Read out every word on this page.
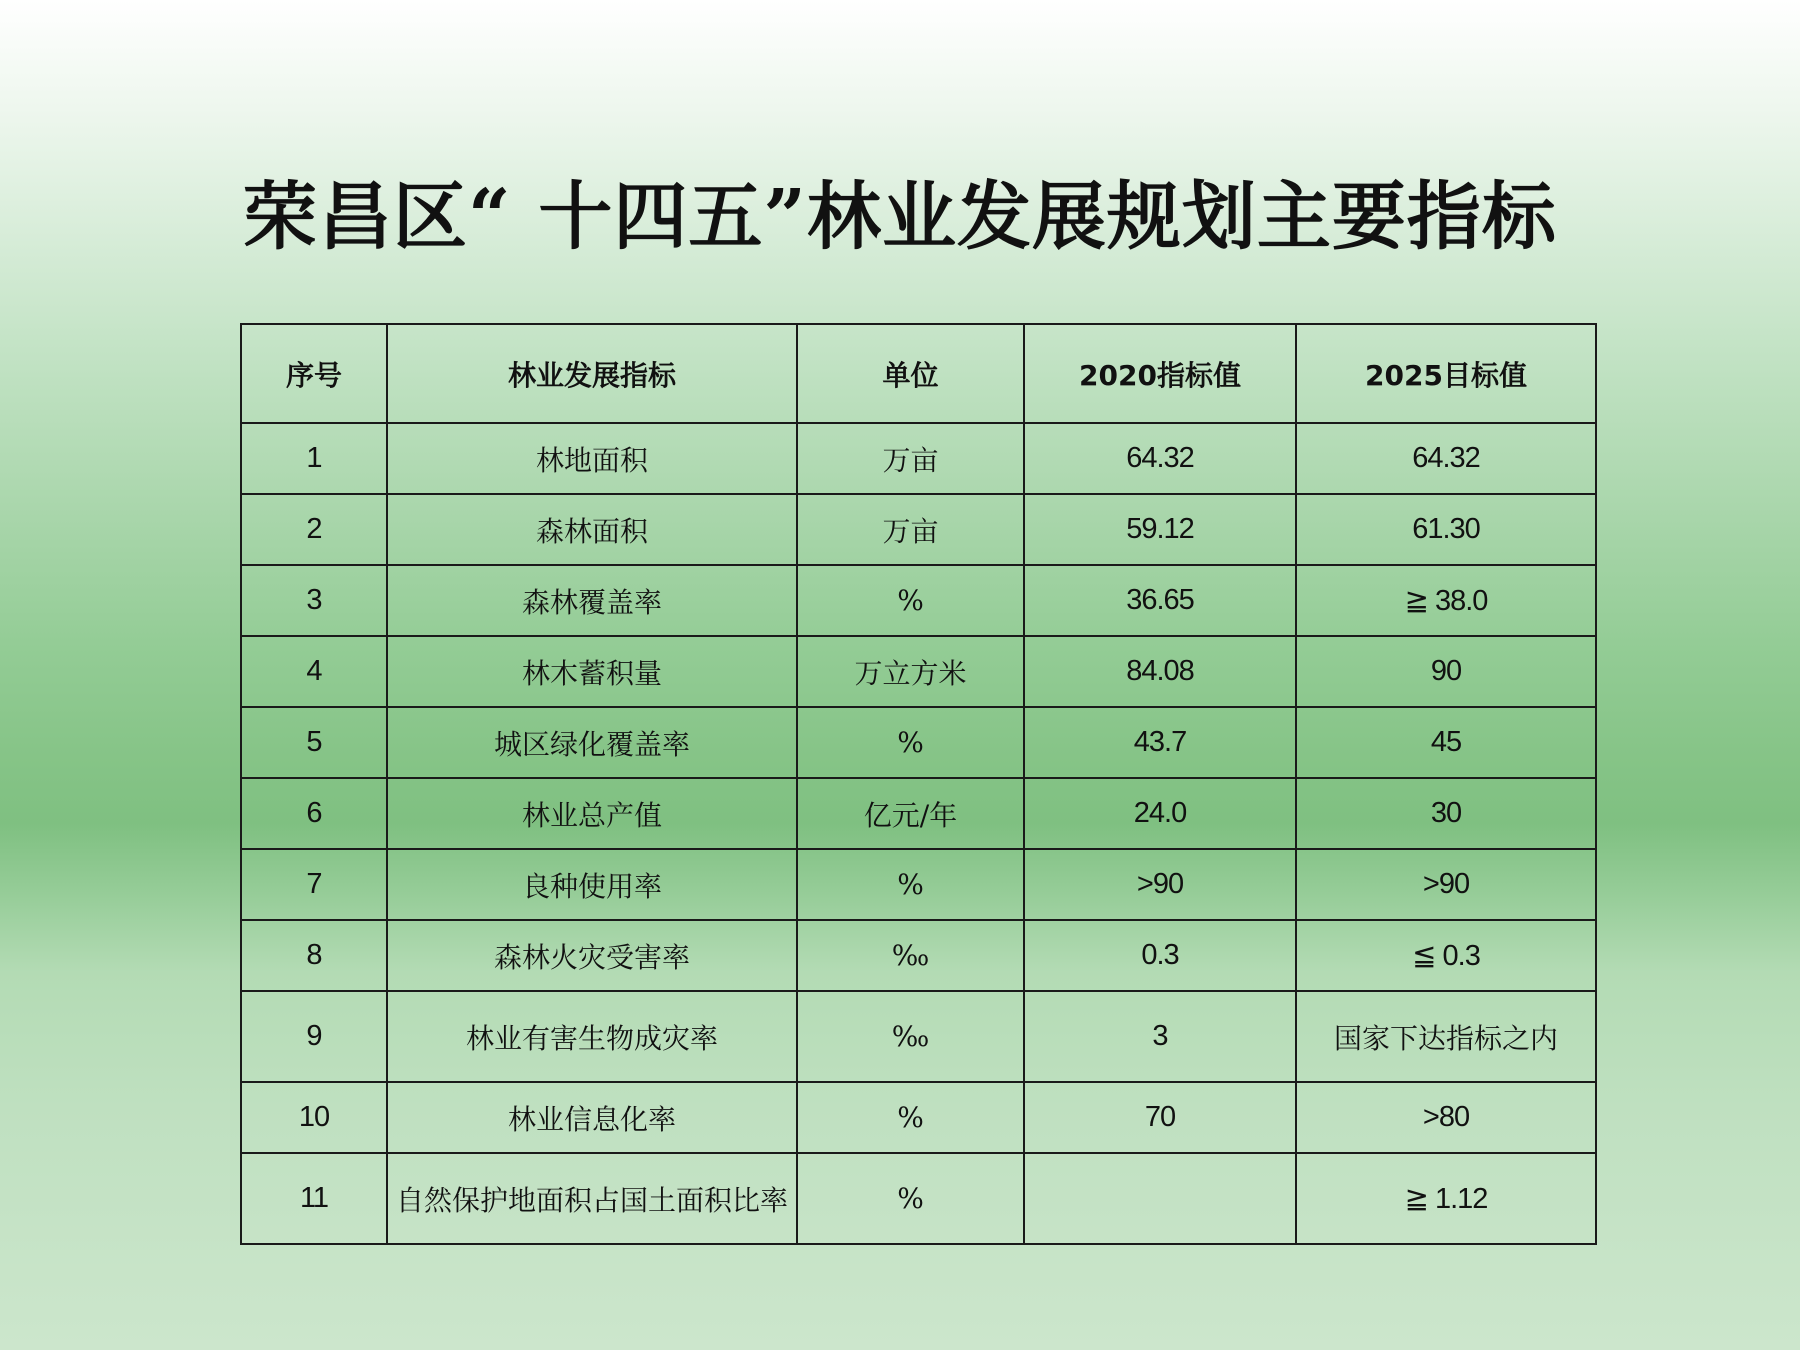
荣昌区“ 十四五”林业发展规划主要指标
序号	林业发展指标	单位	2020指标值	2025目标值
1	林地面积	万亩	64.32	64.32
2	森林面积	万亩	59.12	61.30
3	森林覆盖率	%	36.65	≧ 38.0
4	林木蓄积量	万立方米	84.08	90
5	城区绿化覆盖率	%	43.7	45
6	林业总产值	亿元/年	24.0	30
7	良种使用率	%	>90	>90
8	森林火灾受害率	‰	0.3	≦ 0.3
9	林业有害生物成灾率	‰	3	国家下达指标之内
10	林业信息化率	%	70	>80
11	自然保护地面积占国土面积比率	%		≧ 1.12
